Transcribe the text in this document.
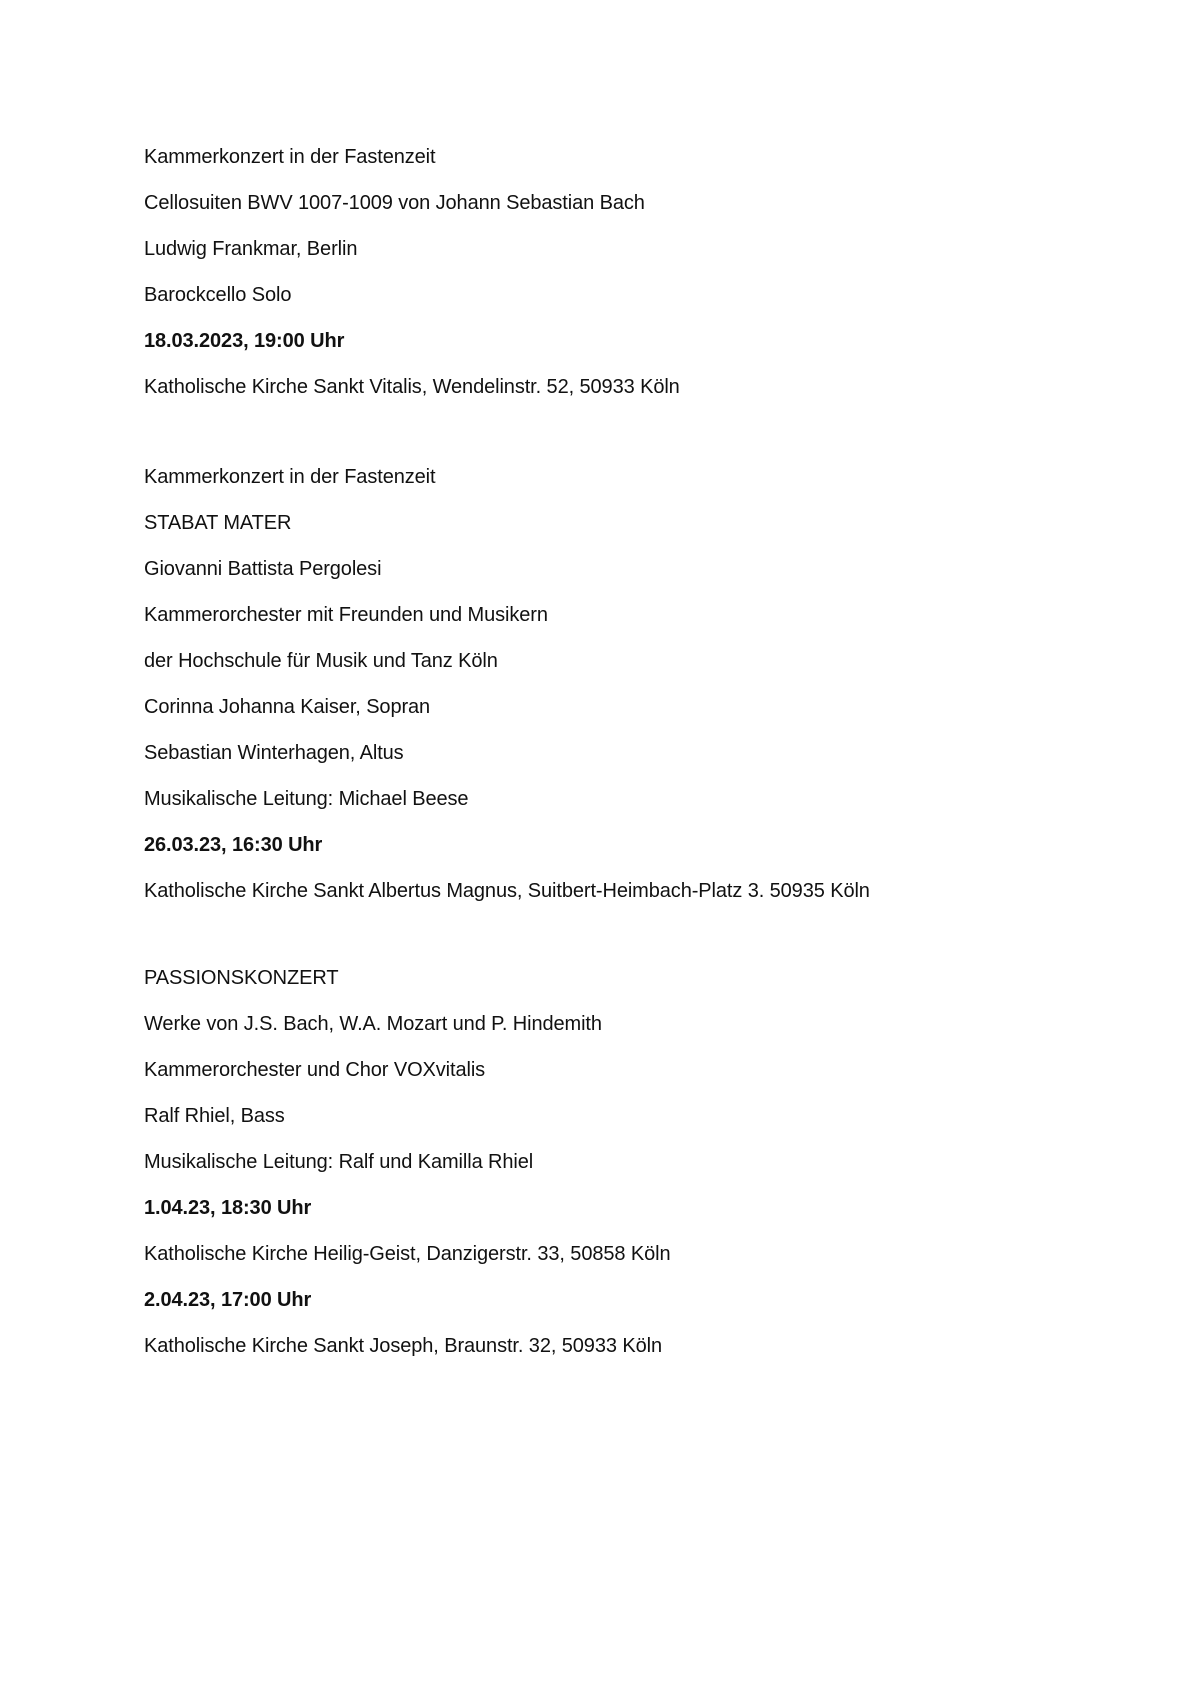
Kammerkonzert in der Fastenzeit
Cellosuiten BWV 1007-1009 von Johann Sebastian Bach
Ludwig Frankmar, Berlin
Barockcello Solo
18.03.2023, 19:00 Uhr
Katholische Kirche Sankt Vitalis, Wendelinstr. 52, 50933 Köln
Kammerkonzert in der Fastenzeit
STABAT MATER
Giovanni Battista Pergolesi
Kammerorchester mit Freunden und Musikern
der Hochschule für Musik und Tanz Köln
Corinna Johanna Kaiser, Sopran
Sebastian Winterhagen, Altus
Musikalische Leitung: Michael Beese
26.03.23, 16:30 Uhr
Katholische Kirche Sankt Albertus Magnus, Suitbert-Heimbach-Platz 3. 50935 Köln
PASSIONSKONZERT
Werke von J.S. Bach, W.A. Mozart und P. Hindemith
Kammerorchester und Chor VOXvitalis
Ralf Rhiel, Bass
Musikalische Leitung: Ralf und Kamilla Rhiel
1.04.23, 18:30 Uhr
Katholische Kirche Heilig-Geist, Danzigerstr. 33, 50858 Köln
2.04.23, 17:00 Uhr
Katholische Kirche Sankt Joseph, Braunstr. 32, 50933 Köln
